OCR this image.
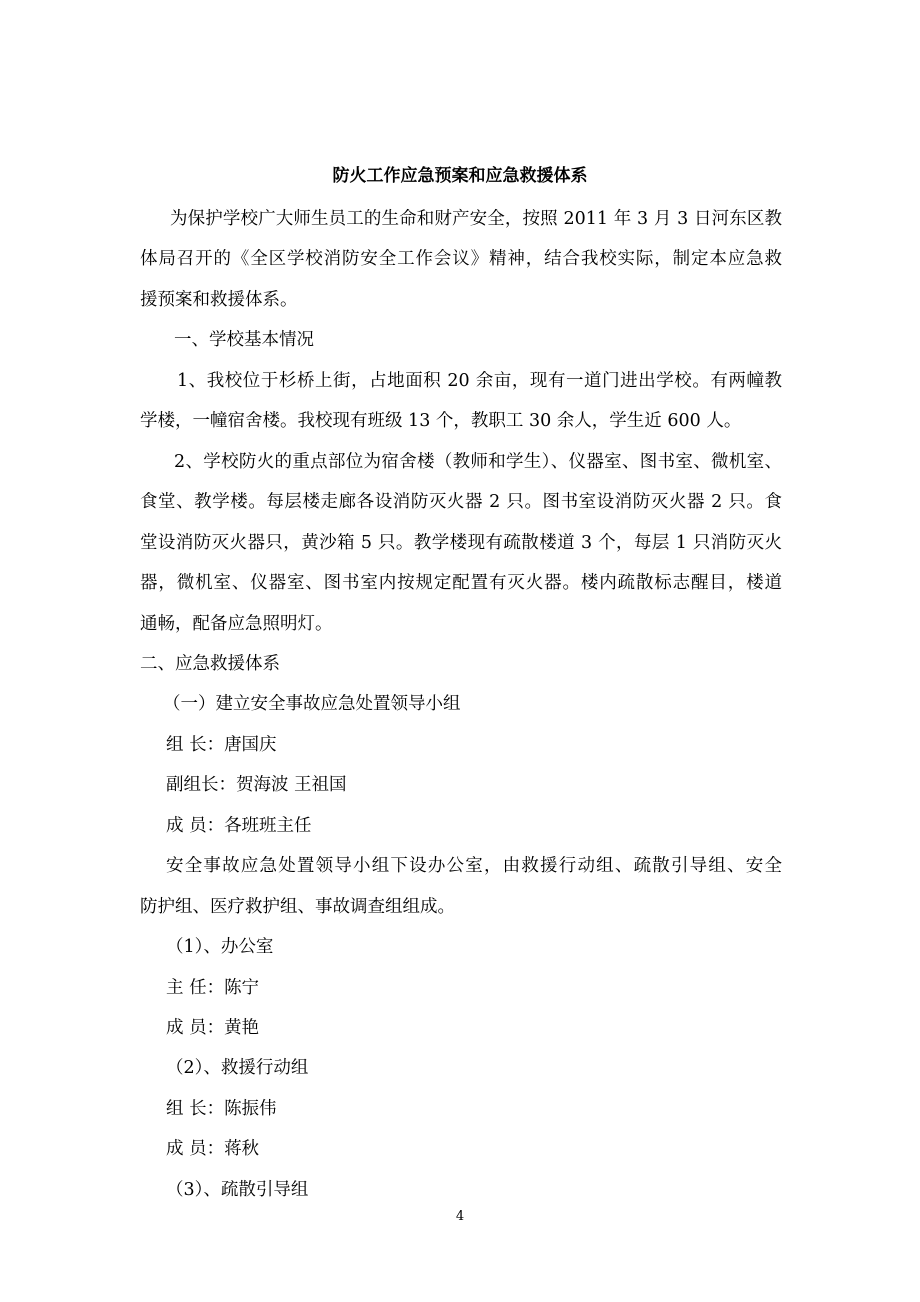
防火工作应急预案和应急救援体系
为保护学校广大师生员工的生命和财产安全，按照 2011 年 3 月 3 日河东区教
体局召开的《全区学校消防安全工作会议》精神，结合我校实际，制定本应急救
援预案和救援体系。
一、学校基本情况
1、我校位于杉桥上街，占地面积 20 余亩，现有一道门进出学校。有两幢教
学楼，一幢宿舍楼。我校现有班级 13 个，教职工 30 余人，学生近 600 人。
2、学校防火的重点部位为宿舍楼（教师和学生）、仪器室、图书室、微机室、
食堂、教学楼。每层楼走廊各设消防灭火器 2 只。图书室设消防灭火器 2 只。食
堂设消防灭火器只，黄沙箱 5 只。教学楼现有疏散楼道 3 个，每层 1 只消防灭火
器，微机室、仪器室、图书室内按规定配置有灭火器。楼内疏散标志醒目，楼道
通畅，配备应急照明灯。
二、应急救援体系
（一）建立安全事故应急处置领导小组
组 长：唐国庆
副组长：贺海波 王祖国
成 员：各班班主任
安全事故应急处置领导小组下设办公室，由救援行动组、疏散引导组、安全
防护组、医疗救护组、事故调查组组成。
（1）、办公室
主 任：陈宁
成 员：黄艳
（2）、救援行动组
组 长：陈振伟
成 员：蒋秋
（3）、疏散引导组
4
